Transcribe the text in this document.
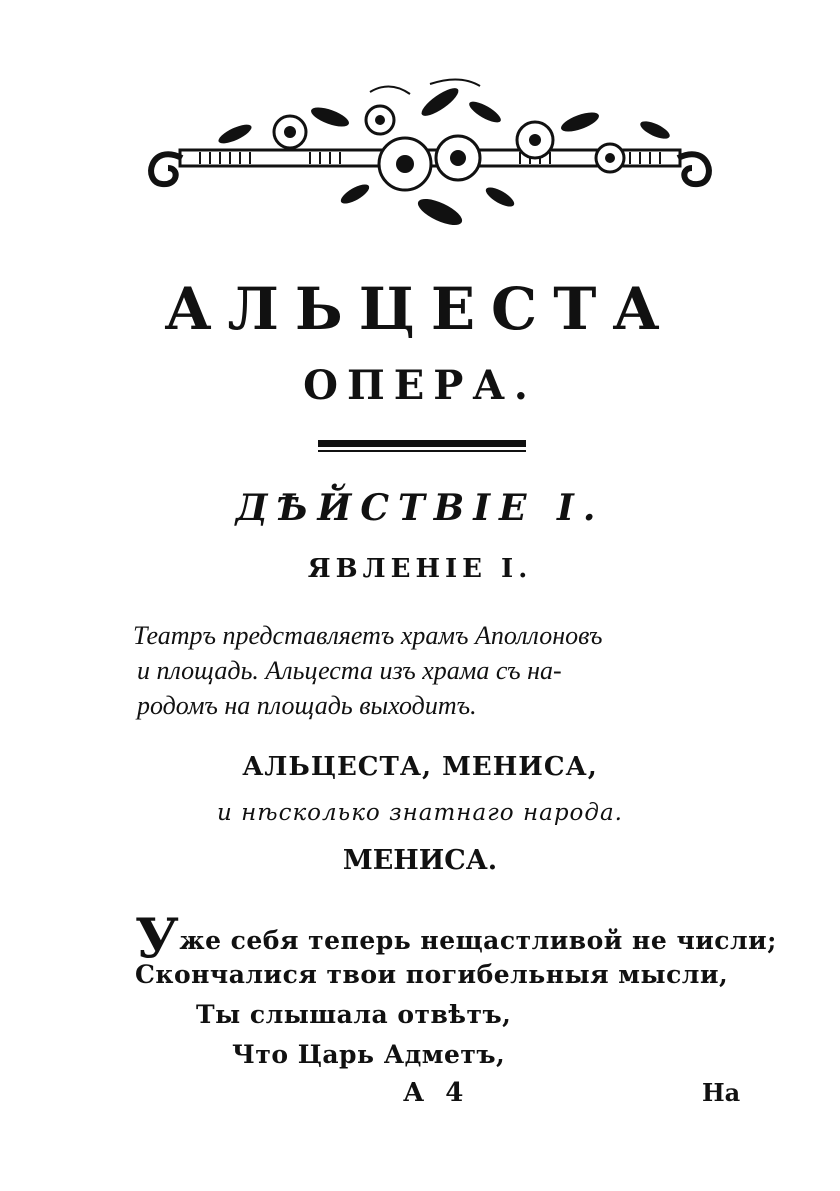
АЛЬЦЕСТА
ОПЕРА.
ДѢЙСТВІЕ I.
ЯВЛЕНІЕ I.
Театръ представляетъ храмъ Аполлоновъ
и площадь. Альцеста изъ храма съ на-
родомъ на площадь выходитъ.
АЛЬЦЕСТА, МЕНИСА,
и нѣсколько знатнаго народа.
МЕНИСА.
Уже себя теперь нещастливой не числи;
Скончалися твои погибельныя мысли,
Ты слышала отвѣтъ,
Что Царь Адметъ,
А 4	На
